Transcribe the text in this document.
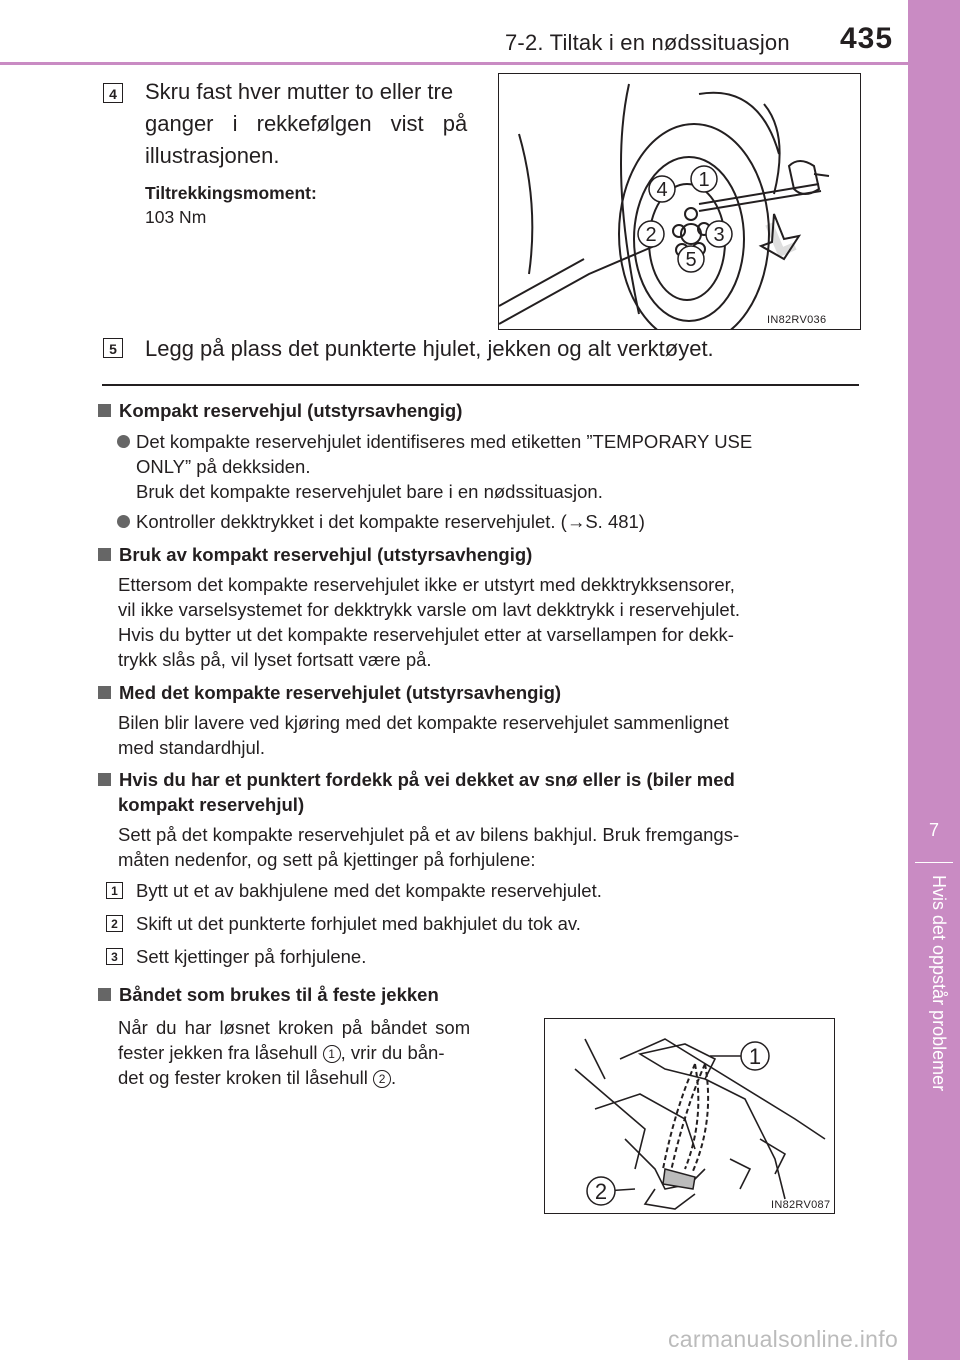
7-2. Tiltak i en nødssituasjon 435
7
Hvis det oppstår problemer
4 Skru fast hver mutter to eller tre
ganger i rekkefølgen vist på
illustrasjonen.
Tiltrekkingsmoment:
103 Nm
1
2	3
4
5
IN82RV036
5 Legg på plass det punkterte hjulet, jekken og alt verktøyet.
Kompakt reservehjul (utstyrsavhengig)
Det kompakte reservehjulet identifiseres med etiketten ”TEMPORARY USE
ONLY” på dekksiden.
Bruk det kompakte reservehjulet bare i en nødssituasjon.
Kontroller dekktrykket i det kompakte reservehjulet. (→S. 481)
Bruk av kompakt reservehjul (utstyrsavhengig)
Ettersom det kompakte reservehjulet ikke er utstyrt med dekktrykksensorer,
vil ikke varselsystemet for dekktrykk varsle om lavt dekktrykk i reservehjulet.
Hvis du bytter ut det kompakte reservehjulet etter at varsellampen for dekk-
trykk slås på, vil lyset fortsatt være på.
Med det kompakte reservehjulet (utstyrsavhengig)
Bilen blir lavere ved kjøring med det kompakte reservehjulet sammenlignet
med standardhjul.
Hvis du har et punktert fordekk på vei dekket av snø eller is (biler med
kompakt reservehjul)
Sett på det kompakte reservehjulet på et av bilens bakhjul. Bruk fremgangs-
måten nedenfor, og sett på kjettinger på forhjulene:
1 Bytt ut et av bakhjulene med det kompakte reservehjulet.
2 Skift ut det punkterte forhjulet med bakhjulet du tok av.
3 Sett kjettinger på forhjulene.
Båndet som brukes til å feste jekken
Når du har løsnet kroken på båndet som
fester jekken fra låsehull 1 , vrir du bån-
det og fester kroken til låsehull 2 .
1
2
IN82RV087
carmanualsonline.info
